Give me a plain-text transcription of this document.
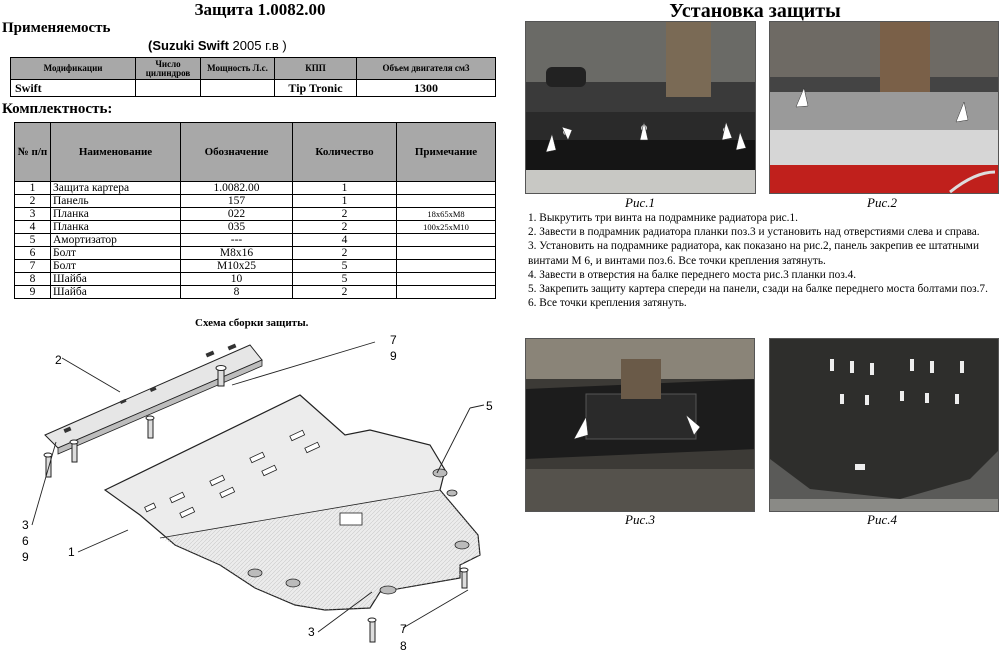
Защита 1.0082.00
Применяемость
(Suzuki Swift 2005 г.в )
Модификации	Число цилиндров	Мощность Л.с.	КПП	Объем двигателя см3
Swift			Tip Tronic	1300
Комплектность:
№ п/п	Наименование	Обозначение	Количество	Примечание
1	Защита картера	1.0082.00	1	
2	Панель	157	1	
3	Планка	022	2	18х65хМ8
4	Планка	035	2	100х25хМ10
5	Амортизатор	---	4	
6	Болт	М8х16	2	
7	Болт	М10х25	5	
8	Шайба	10	5	
9	Шайба	8	2	
Схема сборки защиты.
2
7
9
5
3
6
9	1
3	7
8
Установка защиты
Рис.1	Рис.2
1. Выкрутить три винта на подрамнике радиатора рис.1.
2. Завести в подрамник радиатора планки поз.3 и установить над отверстиями слева и справа.
3. Установить на подрамнике радиатора, как показано на рис.2, панель закрепив ее штатными винтами М 6, и винтами поз.6. Все точки крепления затянуть.
4. Завести в отверстия на балке переднего моста рис.3 планки поз.4.
5. Закрепить защиту картера спереди на панели, сзади на балке переднего моста болтами поз.7.
6. Все точки крепления затянуть.
Рис.3	Рис.4
